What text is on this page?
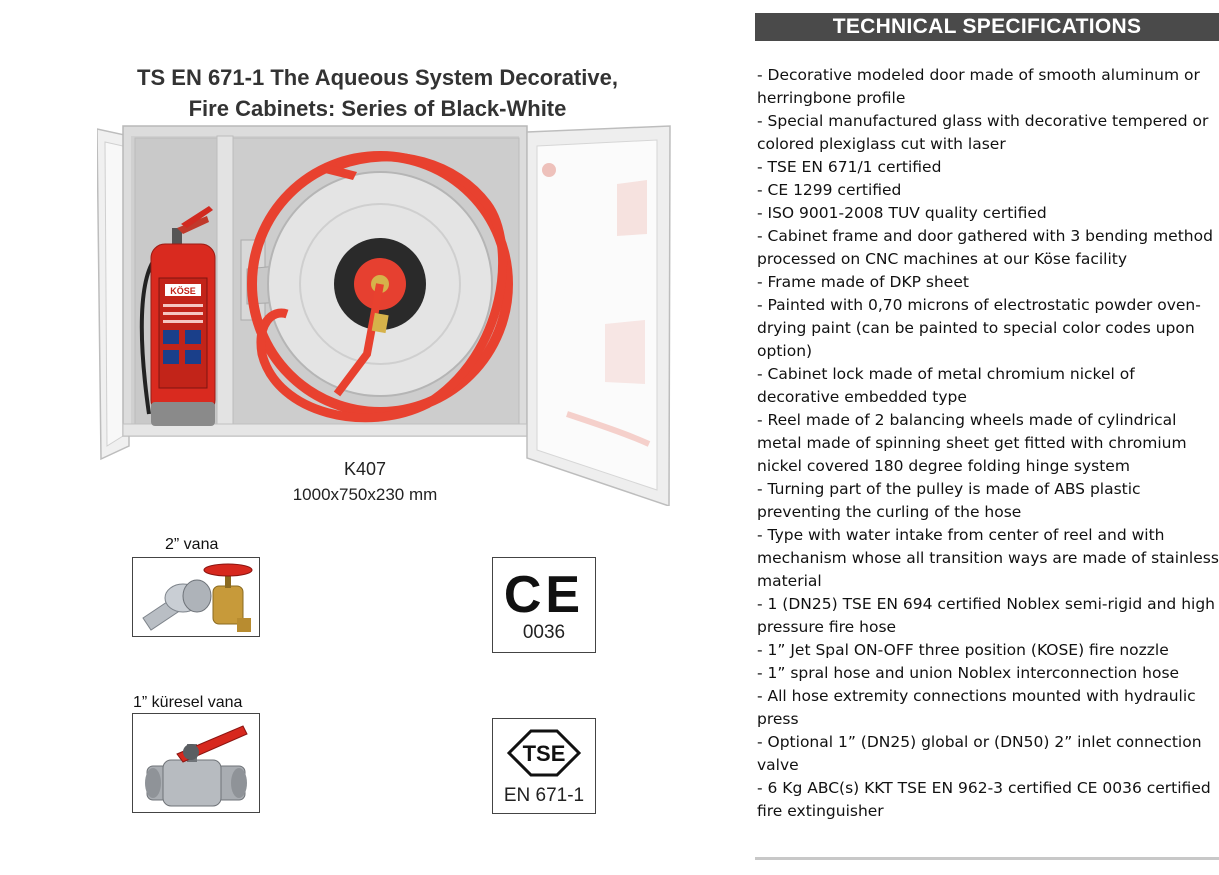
TS EN 671-1 The Aqueous System Decorative,
Fire Cabinets: Series of Black-White
KÖSE
K407
1000x750x230 mm
2” vana
1” küresel vana
CE
0036
TSE
EN 671-1
TECHNICAL SPECIFICATIONS
- Decorative modeled door made of smooth aluminum or herringbone profile
- Special manufactured glass with decorative tempered or colored plexiglass cut with laser
- TSE EN 671/1 certified
- CE 1299 certified
- ISO 9001-2008 TUV quality certified
- Cabinet frame and door gathered with 3 bending method processed on CNC machines at our Köse facility
- Frame made of DKP sheet
- Painted with 0,70 microns of electrostatic powder oven-drying paint (can be painted to special color codes upon option)
- Cabinet lock made of metal chromium nickel of decorative embedded type
- Reel made of 2 balancing wheels made of cylindrical metal made of spinning sheet get fitted with chromium nickel covered 180 degree folding hinge system
- Turning part of the pulley is made of ABS plastic preventing the curling of the hose
- Type with water intake from center of reel and with mechanism whose all transition ways are made of stainless material
- 1 (DN25) TSE EN 694 certified Noblex semi-rigid and high pressure fire hose
- 1” Jet Spal ON-OFF three position (KOSE) fire nozzle
- 1” spral hose and union Noblex interconnection hose
- All hose extremity connections mounted with hydraulic press
- Optional 1” (DN25) global or (DN50) 2” inlet connection valve
- 6 Kg ABC(s) KKT TSE EN 962-3 certified CE 0036 certified fire extinguisher
